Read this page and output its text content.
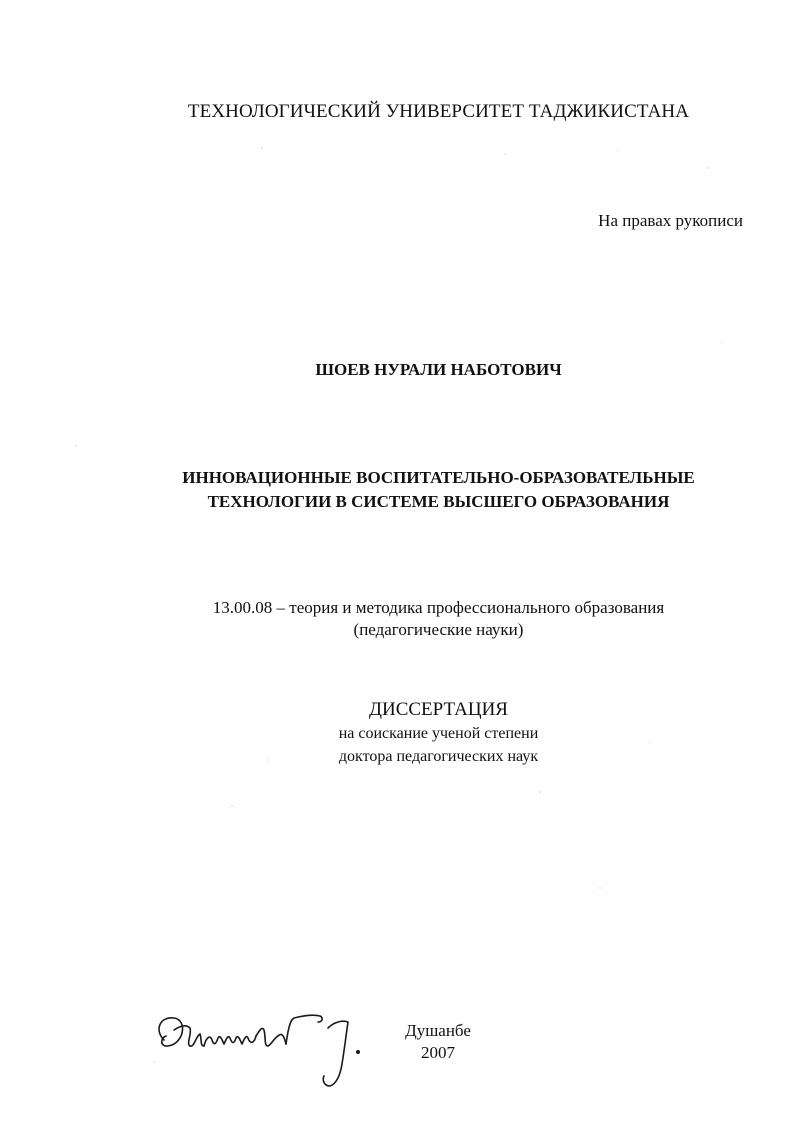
ТЕХНОЛОГИЧЕСКИЙ УНИВЕРСИТЕТ ТАДЖИКИСТАНА
На правах рукописи
ШОЕВ НУРАЛИ НАБОТОВИЧ
ИННОВАЦИОННЫЕ ВОСПИТАТЕЛЬНО-ОБРАЗОВАТЕЛЬНЫЕ
ТЕХНОЛОГИИ В СИСТЕМЕ ВЫСШЕГО ОБРАЗОВАНИЯ
13.00.08 – теория и методика профессионального образования
(педагогические науки)
ДИССЕРТАЦИЯ
на соискание ученой степени
доктора педагогических наук
Душанбе
2007
